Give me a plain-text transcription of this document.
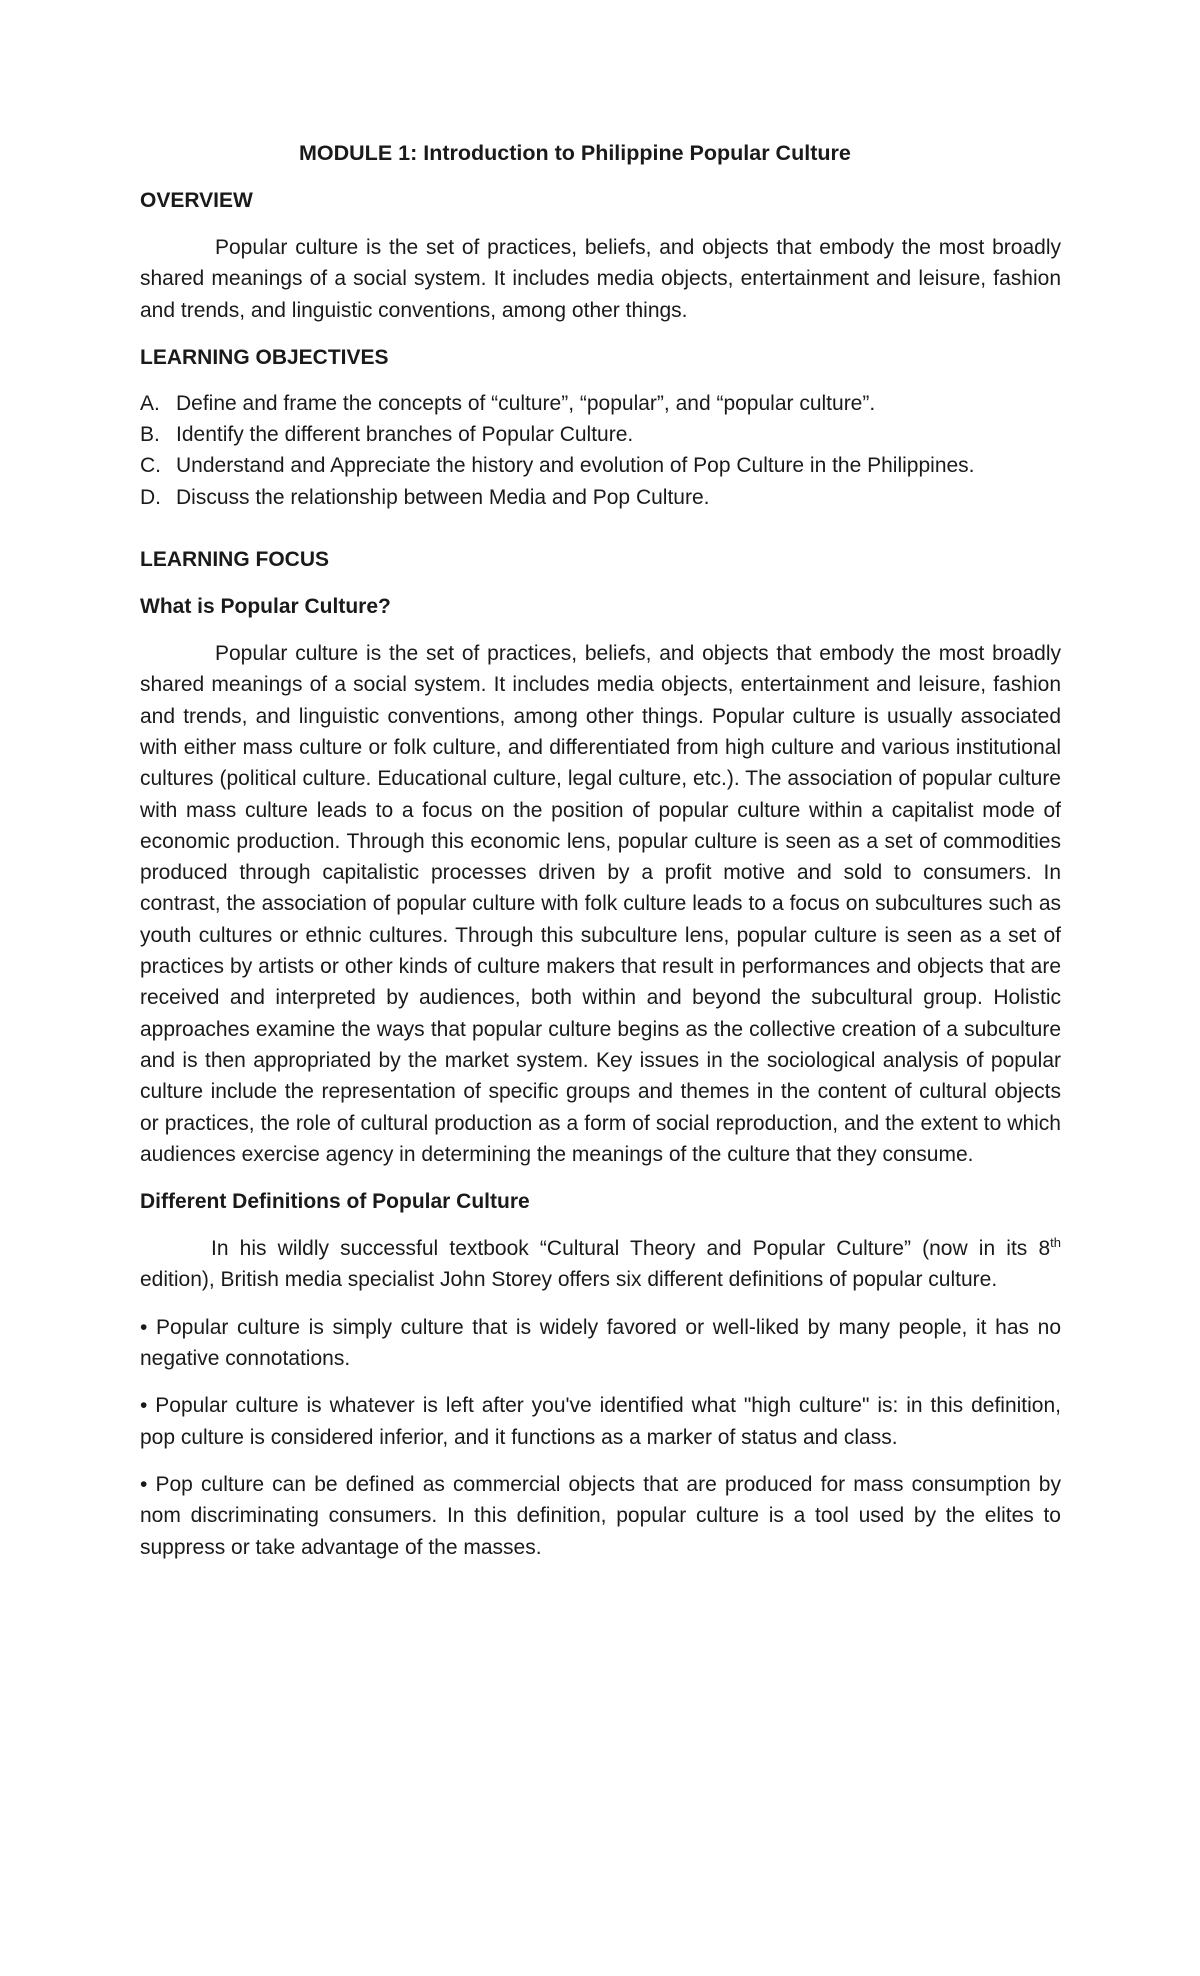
MODULE 1: Introduction to Philippine Popular Culture

OVERVIEW

Popular culture is the set of practices, beliefs, and objects that embody the most broadly shared meanings of a social system. It includes media objects, entertainment and leisure, fashion and trends, and linguistic conventions, among other things.

LEARNING OBJECTIVES

A. Define and frame the concepts of “culture”, “popular”, and “popular culture”.
B. Identify the different branches of Popular Culture.
C. Understand and Appreciate the history and evolution of Pop Culture in the Philippines.
D. Discuss the relationship between Media and Pop Culture.

LEARNING FOCUS

What is Popular Culture?

Popular culture is the set of practices, beliefs, and objects that embody the most broadly shared meanings of a social system. It includes media objects, entertainment and leisure, fashion and trends, and linguistic conventions, among other things. Popular culture is usually associated with either mass culture or folk culture, and differentiated from high culture and various institutional cultures (political culture. Educational culture, legal culture, etc.). The association of popular culture with mass culture leads to a focus on the position of popular culture within a capitalist mode of economic production. Through this economic lens, popular culture is seen as a set of commodities produced through capitalistic processes driven by a profit motive and sold to consumers. In contrast, the association of popular culture with folk culture leads to a focus on subcultures such as youth cultures or ethnic cultures. Through this subculture lens, popular culture is seen as a set of practices by artists or other kinds of culture makers that result in performances and objects that are received and interpreted by audiences, both within and beyond the subcultural group. Holistic approaches examine the ways that popular culture begins as the collective creation of a subculture and is then appropriated by the market system. Key issues in the sociological analysis of popular culture include the representation of specific groups and themes in the content of cultural objects or practices, the role of cultural production as a form of social reproduction, and the extent to which audiences exercise agency in determining the meanings of the culture that they consume.

Different Definitions of Popular Culture

In his wildly successful textbook “Cultural Theory and Popular Culture” (now in its 8th edition), British media specialist John Storey offers six different definitions of popular culture.

• Popular culture is simply culture that is widely favored or well-liked by many people, it has no negative connotations.

• Popular culture is whatever is left after you've identified what "high culture" is: in this definition, pop culture is considered inferior, and it functions as a marker of status and class.

• Pop culture can be defined as commercial objects that are produced for mass consumption by nom discriminating consumers. In this definition, popular culture is a tool used by the elites to suppress or take advantage of the masses.
